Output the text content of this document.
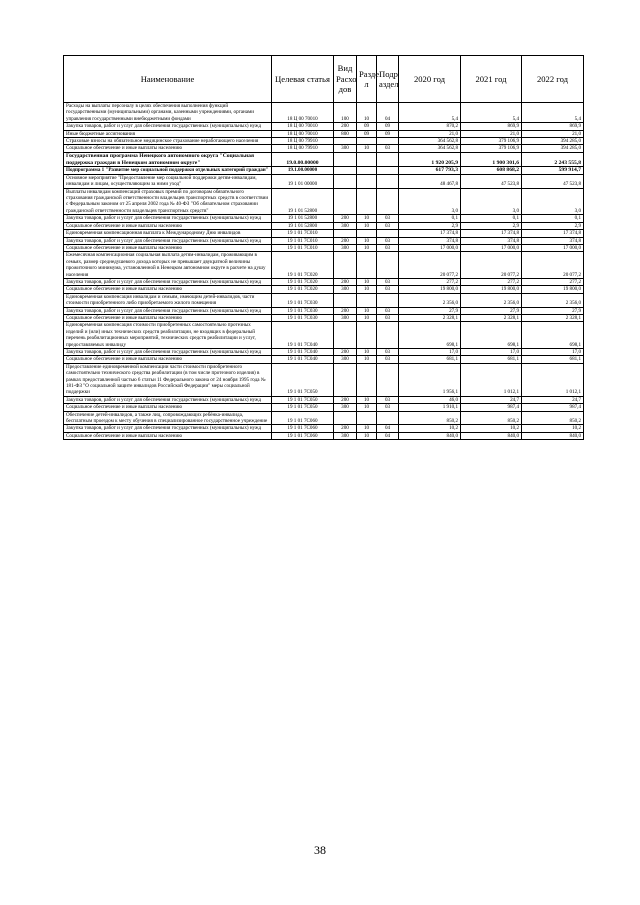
Наименование	Целевая статья	Вид Расхо дов	Разде л	Подр аздел	2020 год	2021 год	2022 год
Расходы на выплаты персоналу в целях обеспечения выполнения функций государственными (муниципальными) органами, казенными учреждениями, органами управления государственными внебюджетными фондами	18 Ц 00 70010	100	10	04	5,4	5,4	5,4
Закупка товаров, работ и услуг для обеспечения государственных (муниципальных) нужд	18 Ц 00 70010	200	09	09	870,2	869,9	869,9
Иные бюджетные ассигнования	18 Ц 00 70010	800	09	09	21,0	21,0	21,0
Страховые взносы на обязательное медицинское страхование неработающего населения	18 Ц 00 79910				364 562,8	379 106,9	394 285,0
Социальное обеспечение и иные выплаты населению	18 Ц 00 79910	300	10	03	364 562,8	379 106,9	394 285,0
Государственная программа Ненецкого автономного округа "Социальная поддержка граждан в Ненецком автономном округе"	19.0.00.00000				1 920 205,9	1 900 301,6	2 243 555,8
Подпрограмма 1 "Развитие мер социальной поддержки отдельных категорий граждан"	19.1.00.00000				617 793,3	608 868,2	599 914,7
Основное мероприятие "Предоставление мер социальной поддержки детям-инвалидам, инвалидам и лицам, осуществляющим за ними уход"	19 1 01 00000				48 467,8	47 523,8	47 523,8
Выплаты инвалидам компенсаций страховых премий по договорам обязательного страхования гражданской ответственности владельцев транспортных средств в соответствии с Федеральным законом от 25 апреля 2002 года № 40-ФЗ "Об обязательном страховании гражданской ответственности владельцев транспортных средств"	19 1 01 52800				3,0	3,0	3,0
Закупка товаров, работ и услуг для обеспечения государственных (муниципальных) нужд	19 1 01 52800	200	10	03	0,1	0,1	0,1
Социальное обеспечение и иные выплаты населению	19 1 01 52800	300	10	03	2,9	2,9	2,9
Единовременная компенсационная выплата к Международному Дню инвалидов	19 1 01 7С010				17 374,8	17 374,8	17 374,8
Закупка товаров, работ и услуг для обеспечения государственных (муниципальных) нужд	19 1 01 7С010	200	10	03	374,8	374,8	374,8
Социальное обеспечение и иные выплаты населению	19 1 01 7С010	300	10	03	17 000,0	17 000,0	17 000,0
Ежемесячная компенсационная социальная выплата детям-инвалидам, проживающим в семьях, размер среднедушевого дохода которых не превышает двукратной величины прожиточного минимума, установленной в Ненецком автономном округе в расчете на душу населения	19 1 01 7С020				20 077,2	20 077,2	20 077,2
Закупка товаров, работ и услуг для обеспечения государственных (муниципальных) нужд	19 1 01 7С020	200	10	03	277,2	277,2	277,2
Социальное обеспечение и иные выплаты населению	19 1 01 7С020	300	10	03	19 800,0	19 800,0	19 800,0
Единовременная компенсация инвалидам и семьям, имеющим детей-инвалидов, части стоимости приобретенного либо приобретаемого жилого помещения	19 1 01 7С030				2 356,0	2 356,0	2 356,0
Закупка товаров, работ и услуг для обеспечения государственных (муниципальных) нужд	19 1 01 7С030	200	10	03	27,9	27,9	27,9
Социальное обеспечение и иные выплаты населению	19 1 01 7С030	300	10	03	2 328,1	2 328,1	2 328,1
Единовременная компенсация стоимости приобретенных самостоятельно протезных изделий и (или) иных технических средств реабилитации, не входящих в федеральный перечень реабилитационных мероприятий, технических средств реабилитации и услуг, предоставляемых инвалиду	19 1 01 7С040				698,1	698,1	698,1
Закупка товаров, работ и услуг для обеспечения государственных (муниципальных) нужд	19 1 01 7С040	200	10	03	17,0	17,0	17,0
Социальное обеспечение и иные выплаты населению	19 1 01 7С040	300	10	03	681,1	681,1	681,1
Предоставление единовременной компенсации части стоимости приобретенного самостоятельно технического средства реабилитации (в том числе протезного изделия) в рамках предоставленной частью 6 статьи 11 Федерального закона от 24 ноября 1995 года № 181-ФЗ "О социальной защите инвалидов Российской Федерации" меры социальной поддержки	19 1 01 7С050				1 956,1	1 012,1	1 012,1
Закупка товаров, работ и услуг для обеспечения государственных (муниципальных) нужд	19 1 01 7С050	200	10	03	46,0	24,7	24,7
Социальное обеспечение и иные выплаты населению	19 1 01 7С050	300	10	03	1 910,1	987,4	987,4
Обеспечение детей-инвалидов, а также лиц, сопровождающих ребёнка-инвалида, бесплатным проездом к месту обучения в специализированное государственное учреждение	19 1 01 7С060				850,2	850,2	850,2
Закупка товаров, работ и услуг для обеспечения государственных (муниципальных) нужд	19 1 01 7С060	200	10	04	10,2	10,2	10,2
Социальное обеспечение и иные выплаты населению	19 1 01 7С060	300	10	04	840,0	840,0	840,0
38
